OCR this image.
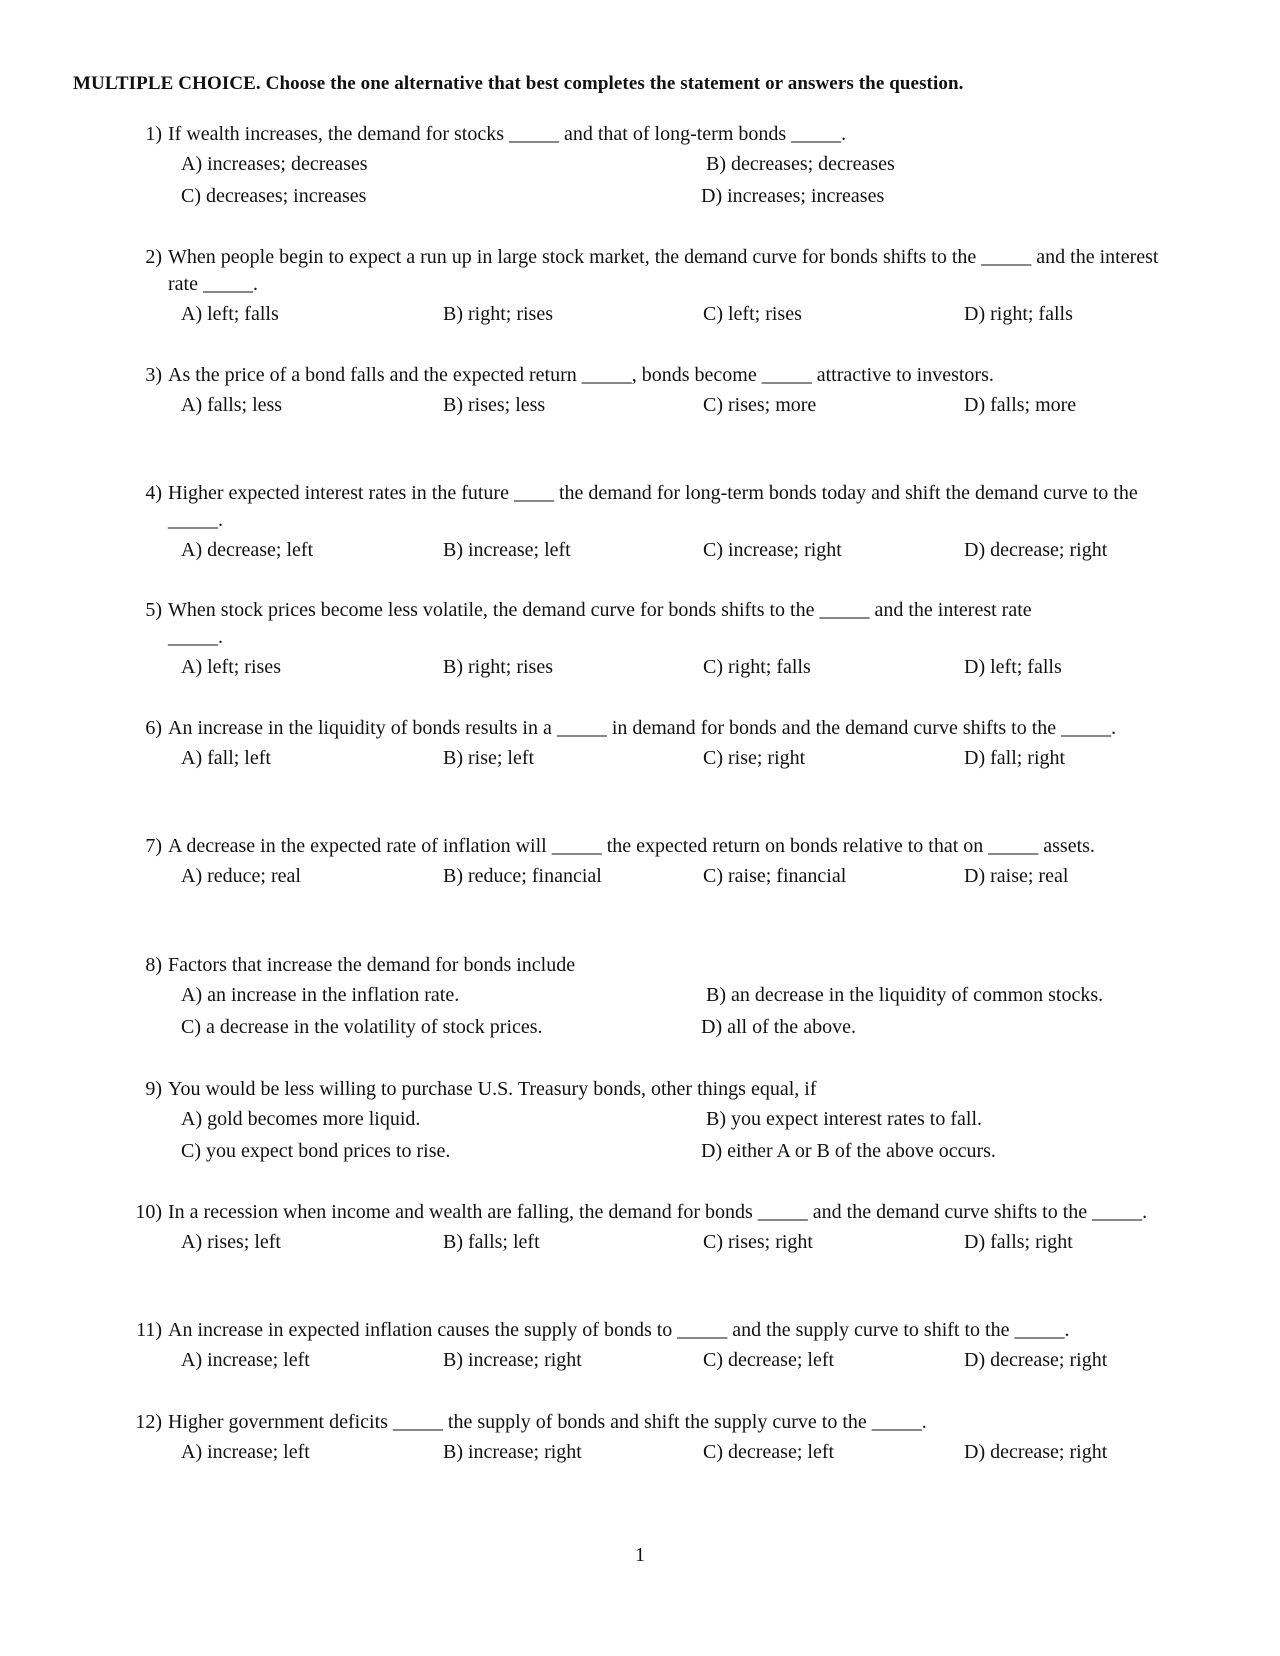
MULTIPLE CHOICE. Choose the one alternative that best completes the statement or answers the question.
1) If wealth increases, the demand for stocks _____ and that of long-term bonds _____.
A) increases; decreases	B) decreases; decreases
C) decreases; increases	D) increases; increases
2) When people begin to expect a run up in large stock market, the demand curve for bonds shifts to the _____ and the interest rate _____.
A) left; falls	B) right; rises	C) left; rises	D) right; falls
3) As the price of a bond falls and the expected return _____, bonds become _____ attractive to investors.
A) falls; less	B) rises; less	C) rises; more	D) falls; more
4) Higher expected interest rates in the future ____ the demand for long-term bonds today and shift the demand curve to the _____.
A) decrease; left	B) increase; left	C) increase; right	D) decrease; right
5) When stock prices become less volatile, the demand curve for bonds shifts to the _____ and the interest rate _____.
A) left; rises	B) right; rises	C) right; falls	D) left; falls
6) An increase in the liquidity of bonds results in a _____ in demand for bonds and the demand curve shifts to the _____.
A) fall; left	B) rise; left	C) rise; right	D) fall; right
7) A decrease in the expected rate of inflation will _____ the expected return on bonds relative to that on _____ assets.
A) reduce; real	B) reduce; financial	C) raise; financial	D) raise; real
8) Factors that increase the demand for bonds include
A) an increase in the inflation rate.	B) an decrease in the liquidity of common stocks.
C) a decrease in the volatility of stock prices.	D) all of the above.
9) You would be less willing to purchase U.S. Treasury bonds, other things equal, if
A) gold becomes more liquid.	B) you expect interest rates to fall.
C) you expect bond prices to rise.	D) either A or B of the above occurs.
10) In a recession when income and wealth are falling, the demand for bonds _____ and the demand curve shifts to the _____.
A) rises; left	B) falls; left	C) rises; right	D) falls; right
11) An increase in expected inflation causes the supply of bonds to _____ and the supply curve to shift to the _____.
A) increase; left	B) increase; right	C) decrease; left	D) decrease; right
12) Higher government deficits _____ the supply of bonds and shift the supply curve to the _____.
A) increase; left	B) increase; right	C) decrease; left	D) decrease; right
1
